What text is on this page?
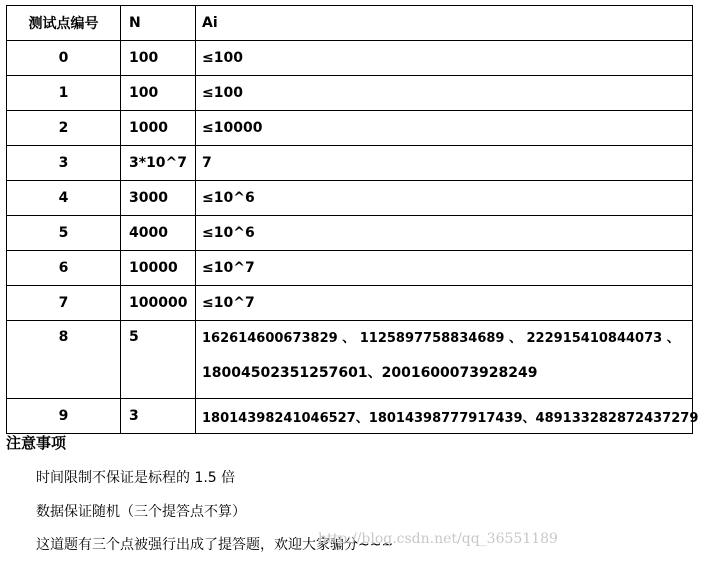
测试点编号	N	Ai
0	100	≤100

1	100	≤100

2	1000	≤10000

3	3*10^7	7

4	3000	≤10^6

5	4000	≤10^6

6	10000	≤10^7

7	100000	≤10^7

8	5	162614600673829 、 1125897758834689 、 222915410844073 、
18004502351257601、2001600073928249

9	3	18014398241046527、18014398777917439、489133282872437279
注意事项
时间限制不保证是标程的 1.5 倍
数据保证随机（三个提答点不算）
这道题有三个点被强行出成了提答题，欢迎大家骗分~~~
http://blog.csdn.net/qq_36551189
